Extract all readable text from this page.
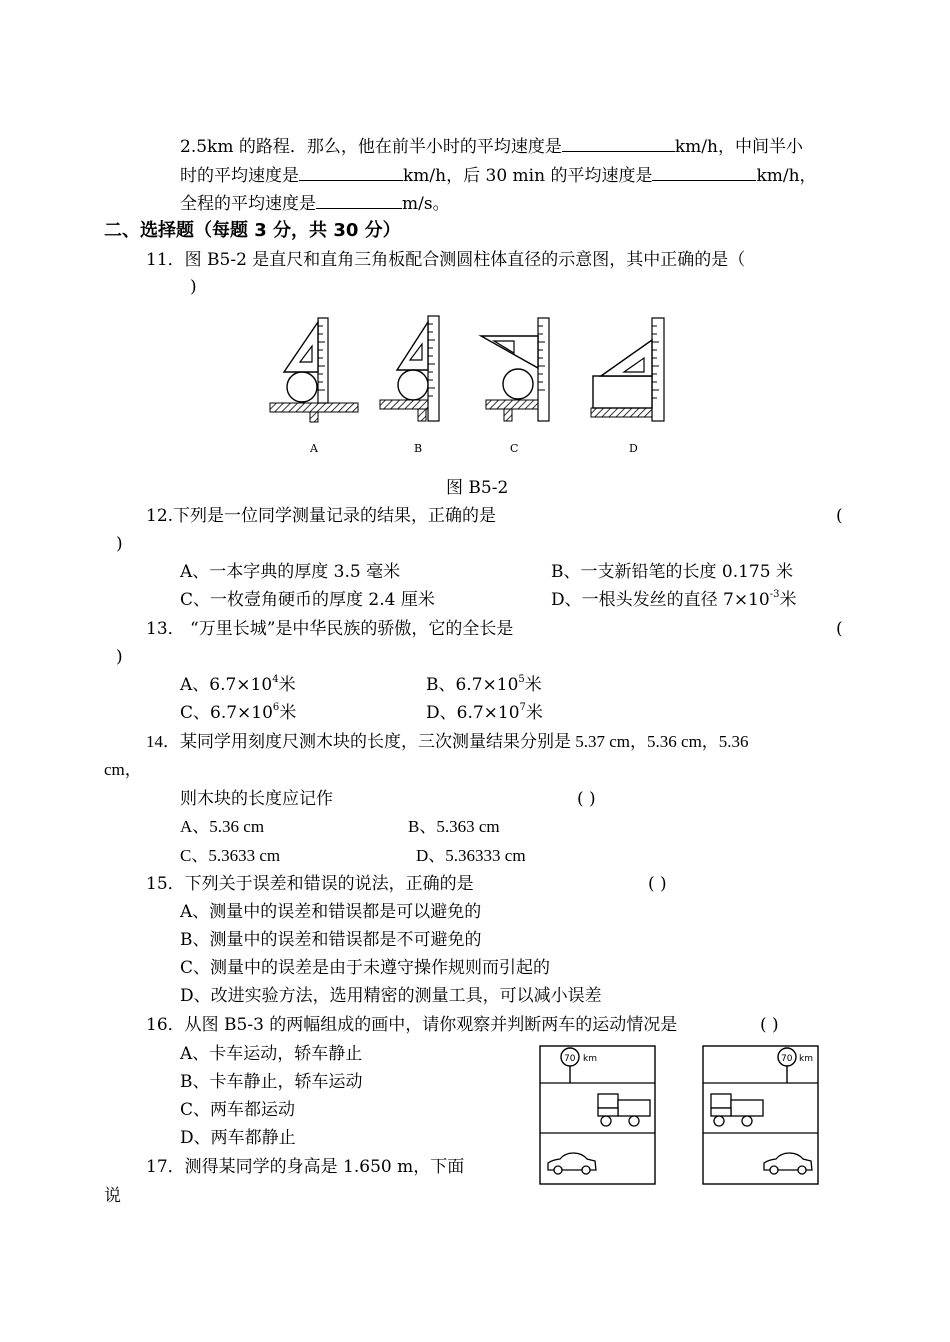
2.5km 的路程．那么，他在前半小时的平均速度是	km/h，中间半小
时的平均速度是	km/h，后 30 min 的平均速度是	km/h，
全程的平均速度是	m/s。
二、选择题（每题 3 分，共 30 分）
11．图 B5-2 是直尺和直角三角板配合测圆柱体直径的示意图，其中正确的是（
)
A	B	C	D
图 B5-2
12.下列是一位同学测量记录的结果，正确的是	(
)
A、一本字典的厚度 3.5 毫米	B、一支新铅笔的长度 0.175 米
C、一枚壹角硬币的厚度 2.4 厘米	D、一根头发丝的直径 $7\times 10^{-3}$米
13． “万里长城”是中华民族的骄傲，它的全长是	(
)
A、$6.7\times 10^4$米	B、$6.7\times 10^5$米
C、$6.7\times 10^6$米	D、$6.7\times 10^7$米
14．某同学用刻度尺测木块的长度，三次测量结果分别是 5.37 cm，5.36 cm，5.36
cm，
则木块的长度应记作	( )
A、5.36 cm	B、5.363 cm
C、5.3633 cm	D、5.36333 cm
15．下列关于误差和错误的说法，正确的是	( )
A、测量中的误差和错误都是可以避免的
B、测量中的误差和错误都是不可避免的
C、测量中的误差是由于未遵守操作规则而引起的
D、改进实验方法，选用精密的测量工具，可以减小误差
16．从图 B5-3 的两幅组成的画中，请你观察并判断两车的运动情况是	( )
A、卡车运动，轿车静止
B、卡车静止，轿车运动
C、两车都运动
D、两车都静止
70 km	70 km
17．测得某同学的身高是 1.650 m，下面
说
